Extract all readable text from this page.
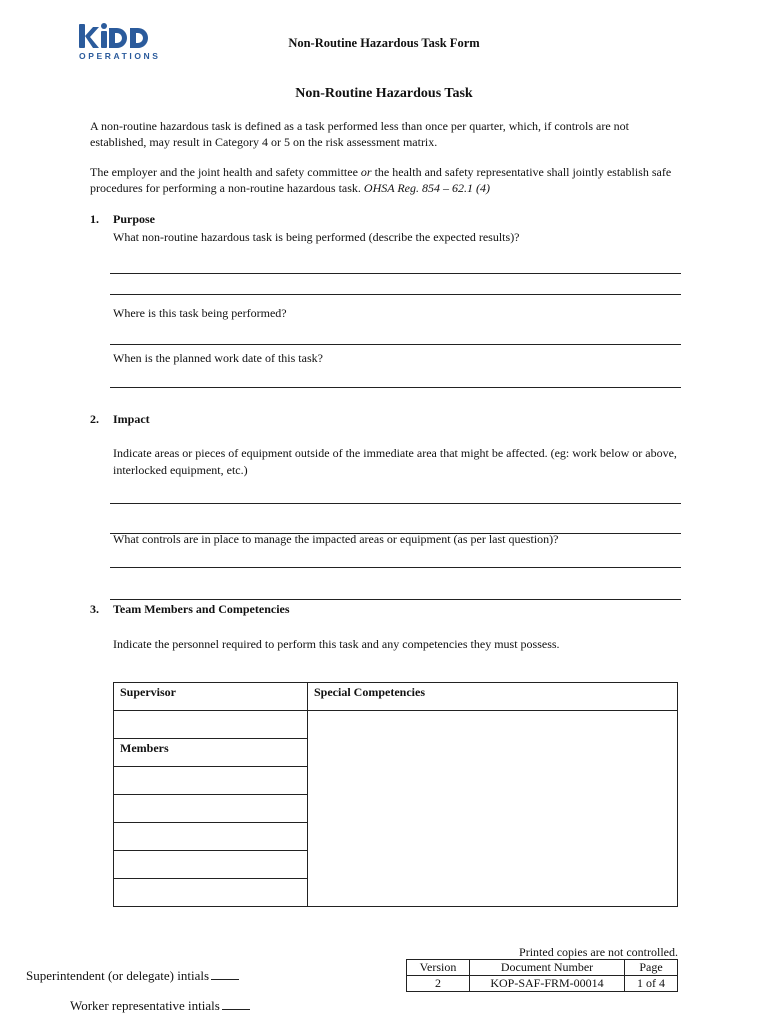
OPERATIONS
Non-Routine Hazardous Task Form
Non-Routine Hazardous Task
A non-routine hazardous task is defined as a task performed less than once per quarter, which, if controls are not established, may result in Category 4 or 5 on the risk assessment matrix.
The employer and the joint health and safety committee or the health and safety representative shall jointly establish safe procedures for performing a non-routine hazardous task. OHSA Reg. 854 – 62.1 (4)
1. Purpose
What non-routine hazardous task is being performed (describe the expected results)?
Where is this task being performed?
When is the planned work date of this task?
2. Impact
Indicate areas or pieces of equipment outside of the immediate area that might be affected. (eg: work below or above, interlocked equipment, etc.)
What controls are in place to manage the impacted areas or equipment (as per last question)?
3. Team Members and Competencies
Indicate the personnel required to perform this task and any competencies they must possess.
Supervisor	Special Competencies

Members	

Printed copies are not controlled.
Version	Document Number	Page
2	KOP-SAF-FRM-00014	1 of 4
Superintendent (or delegate) intials
Worker representative intials
